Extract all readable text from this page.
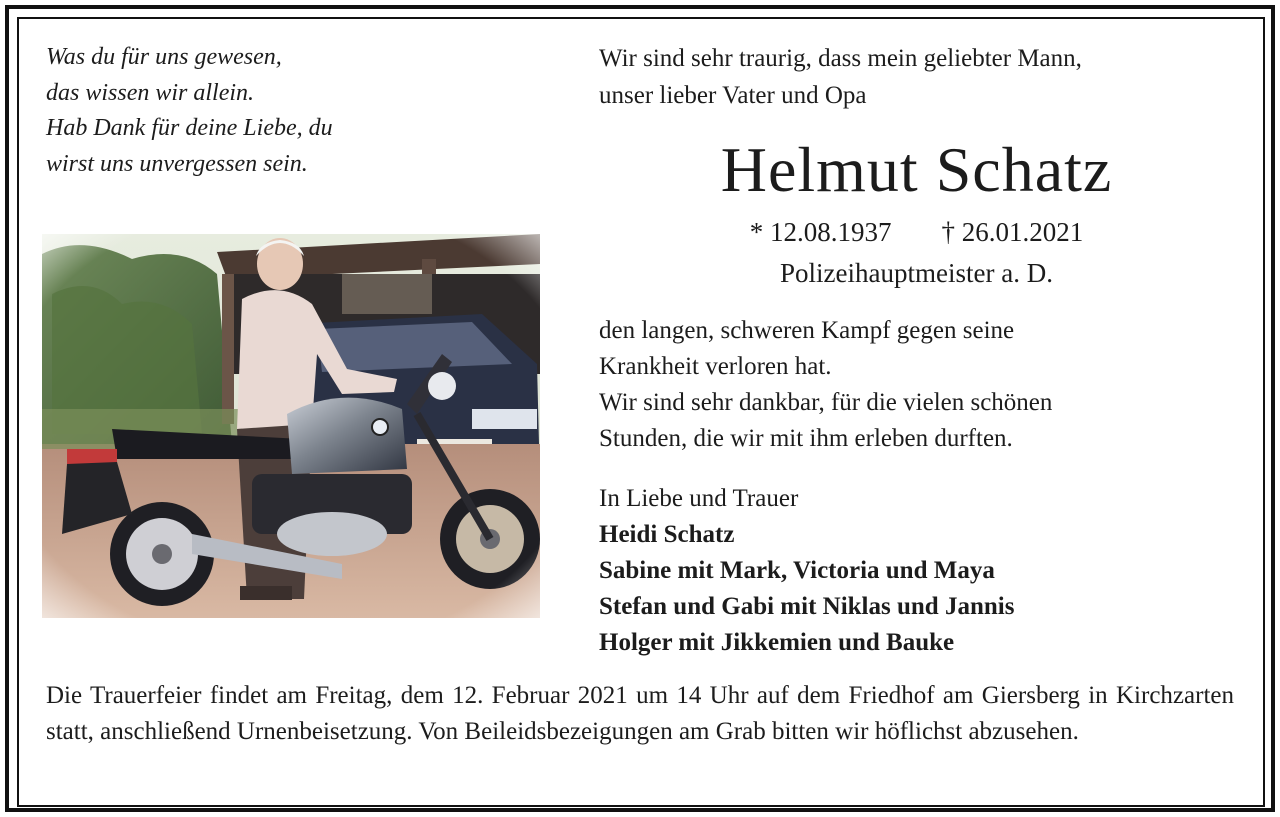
Was du für uns gewesen,
das wissen wir allein.
Hab Dank für deine Liebe, du
wirst uns unvergessen sein.
Wir sind sehr traurig, dass mein geliebter Mann,
unser lieber Vater und Opa
Helmut Schatz
* 12.08.1937 † 26.01.2021
Polizeihauptmeister a. D.
den langen, schweren Kampf gegen seine
Krankheit verloren hat.
Wir sind sehr dankbar, für die vielen schönen
Stunden, die wir mit ihm erleben durften.
In Liebe und Trauer
Heidi Schatz
Sabine mit Mark, Victoria und Maya
Stefan und Gabi mit Niklas und Jannis
Holger mit Jikkemien und Bauke
Die Trauerfeier findet am Freitag, dem 12. Februar 2021 um 14 Uhr auf dem Friedhof am Giersberg in Kirchzarten statt, anschließend Urnenbeisetzung. Von Beileidsbezeigungen am Grab bitten wir höflichst abzusehen.
